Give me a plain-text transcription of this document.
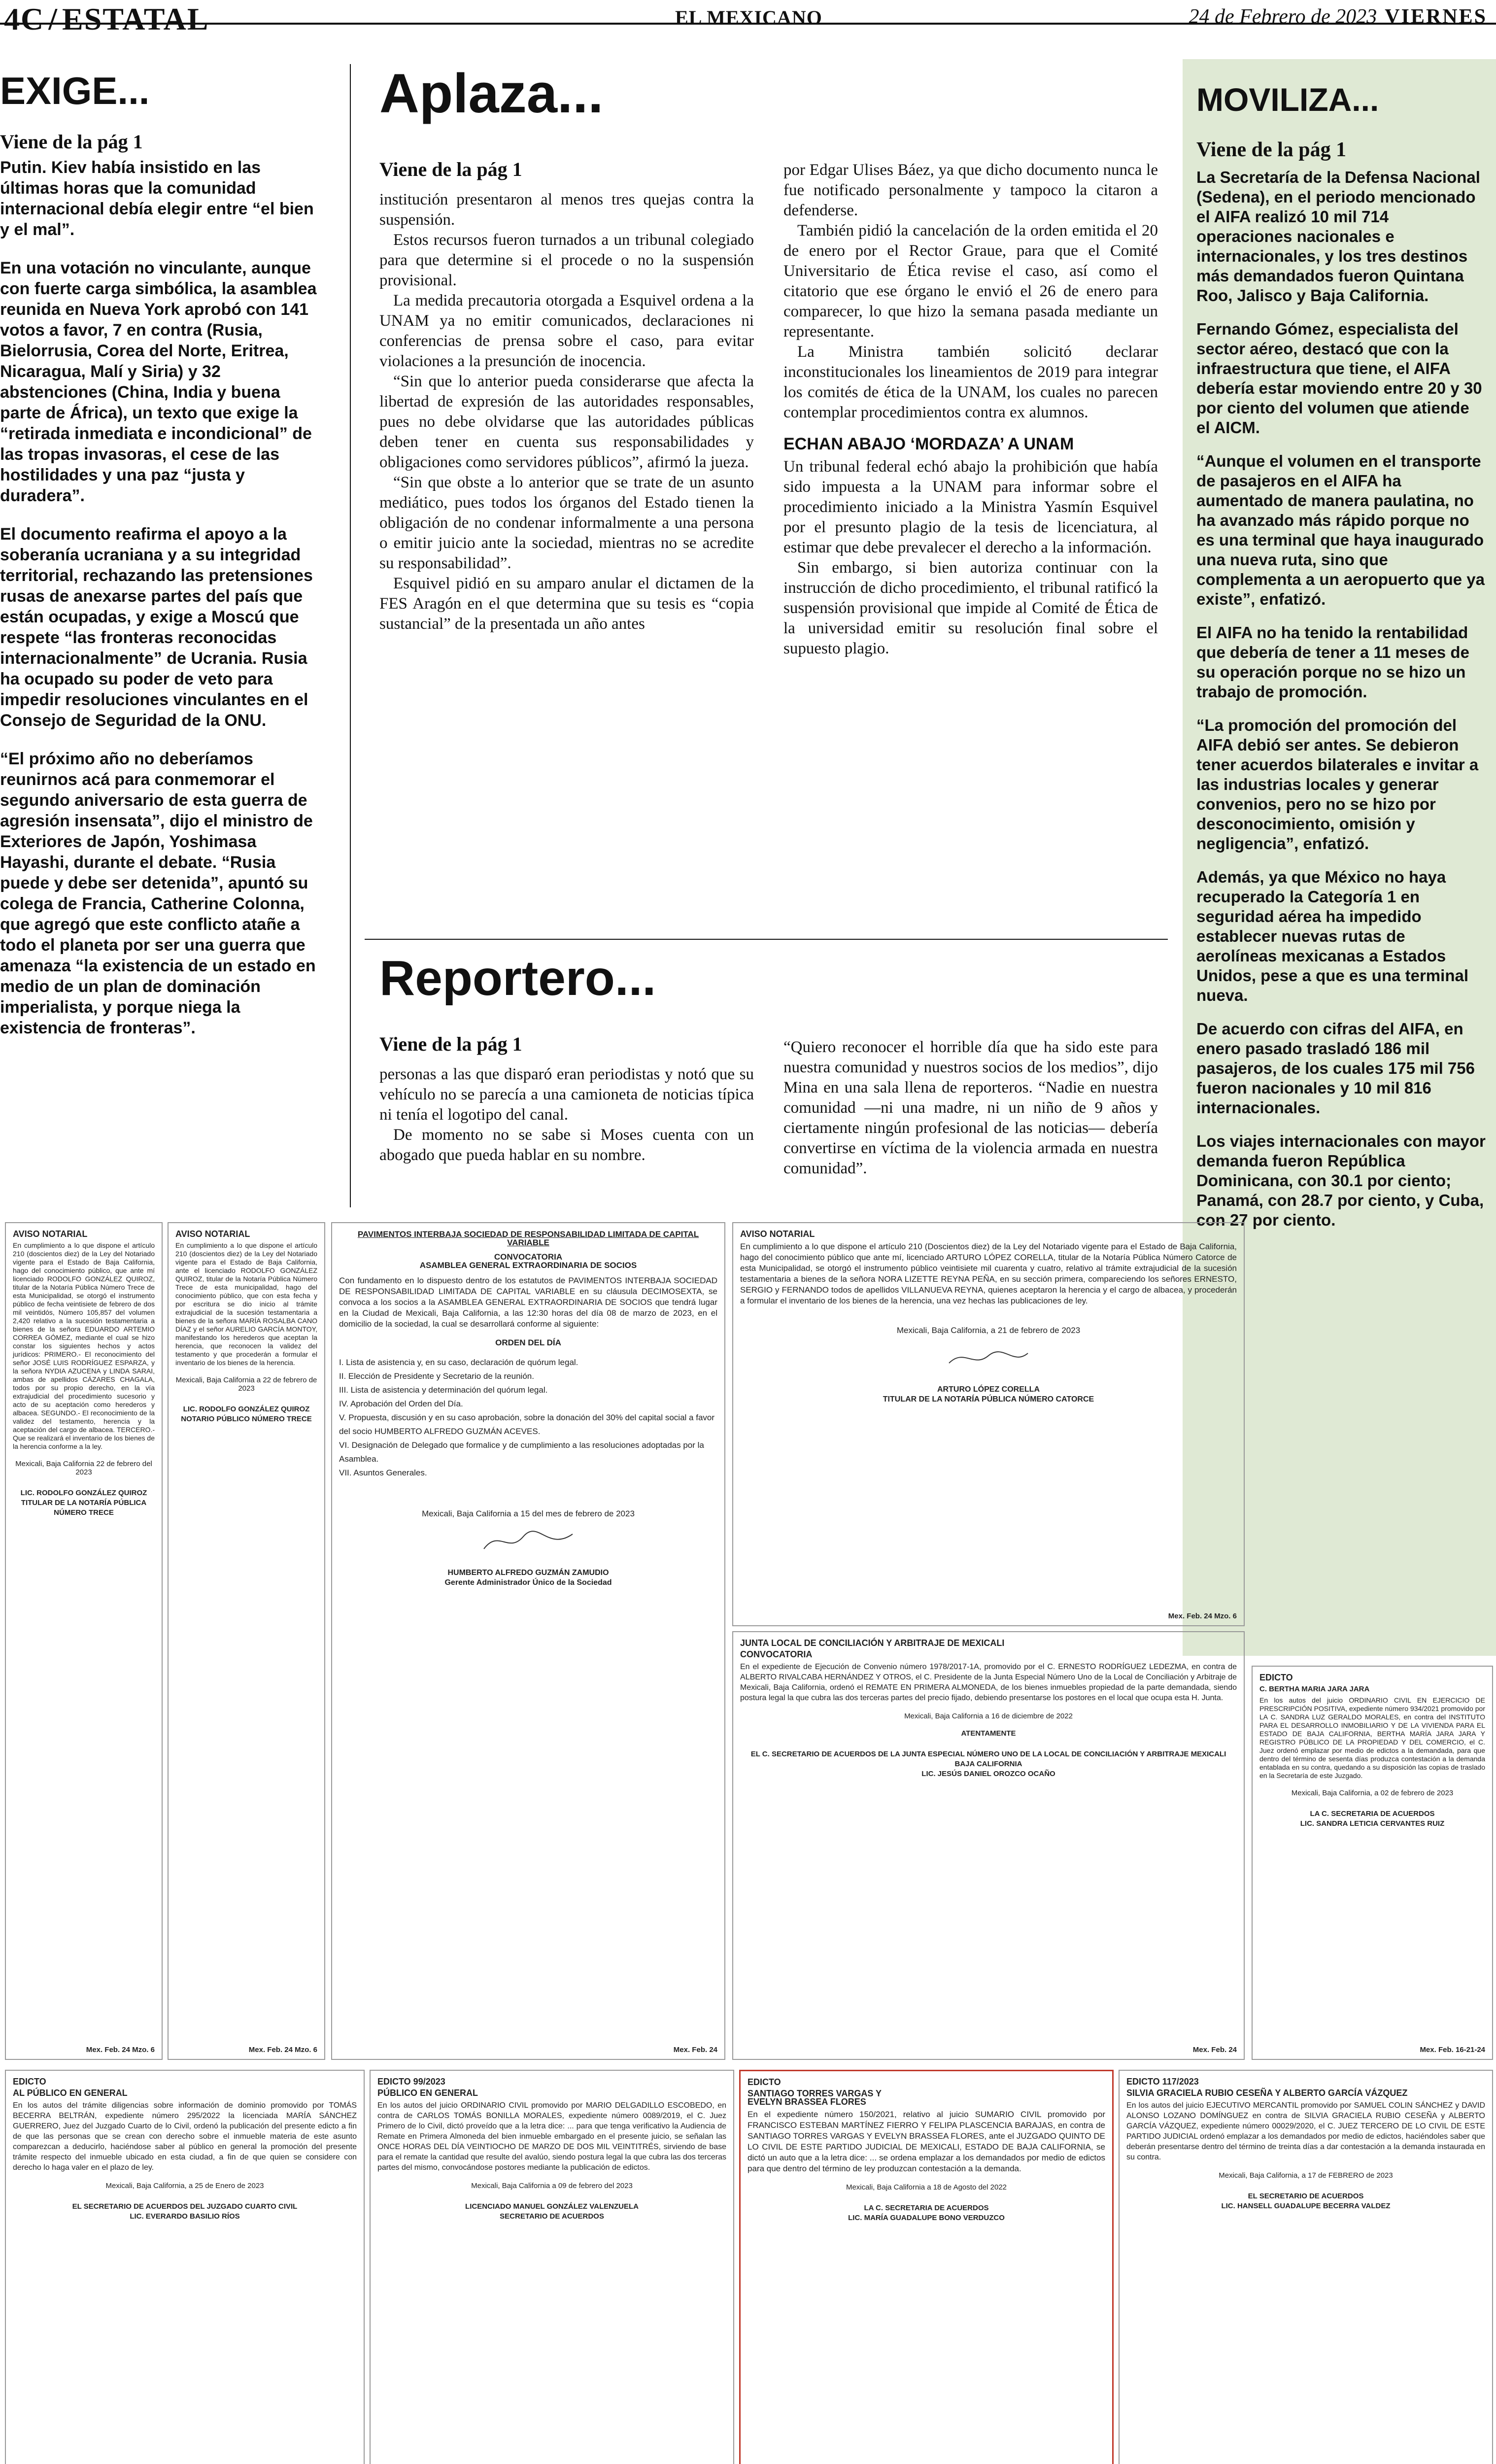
4C / ESTATAL	EL MEXICANO	24 de Febrero de 2023 VIERNES
EXIGE...
Viene de la pág 1
Putin. Kiev había insistido en las últimas horas que la comunidad internacional debía elegir entre “el bien y el mal”.
En una votación no vinculante, aunque con fuerte carga simbólica, la asamblea reunida en Nueva York aprobó con 141 votos a favor, 7 en contra (Rusia, Bielorrusia, Corea del Norte, Eritrea, Nicaragua, Malí y Siria) y 32 abstenciones (China, India y buena parte de África), un texto que exige la “retirada inmediata e incondicional” de las tropas invasoras, el cese de las hostilidades y una paz “justa y duradera”.
El documento reafirma el apoyo a la soberanía ucraniana y a su integridad territorial, rechazando las pretensiones rusas de anexarse partes del país que están ocupadas, y exige a Moscú que respete “las fronteras reconocidas internacionalmente” de Ucrania. Rusia ha ocupado su poder de veto para impedir resoluciones vinculantes en el Consejo de Seguridad de la ONU.
“El próximo año no deberíamos reunirnos acá para conmemorar el segundo aniversario de esta guerra de agresión insensata”, dijo el ministro de Exteriores de Japón, Yoshimasa Hayashi, durante el debate. “Rusia puede y debe ser detenida”, apuntó su colega de Francia, Catherine Colonna, que agregó que este conflicto atañe a todo el planeta por ser una guerra que amenaza “la existencia de un estado en medio de un plan de dominación imperialista, y porque niega la existencia de fronteras”.
Aplaza...
Viene de la pág 1

institución presentaron al menos tres quejas contra la suspensión.

Estos recursos fueron turnados a un tribunal colegiado para que determine si el procede o no la suspensión provisional.

La medida precautoria otorgada a Esquivel ordena a la UNAM ya no emitir comunicados, declaraciones ni conferencias de prensa sobre el caso, para evitar violaciones a la presunción de inocencia.

“Sin que lo anterior pueda considerarse que afecta la libertad de expresión de las autoridades responsables, pues no debe olvidarse que las autoridades públicas deben tener en cuenta sus responsabilidades y obligaciones como servidores públicos”, afirmó la jueza.

“Sin que obste a lo anterior que se trate de un asunto mediático, pues todos los órganos del Estado tienen la obligación de no condenar informalmente a una persona o emitir juicio ante la sociedad, mientras no se acredite su responsabilidad”.

Esquivel pidió en su amparo anular el dictamen de la FES Aragón en el que determina que su tesis es “copia sustancial” de la presentada un año antes

por Edgar Ulises Báez, ya que dicho documento nunca le fue notificado personalmente y tampoco la citaron a defenderse.

También pidió la cancelación de la orden emitida el 20 de enero por el Rector Graue, para que el Comité Universitario de Ética revise el caso, así como el citatorio que ese órgano le envió el 26 de enero para comparecer, lo que hizo la semana pasada mediante un representante.

La Ministra también solicitó declarar inconstitucionales los lineamientos de 2019 para integrar los comités de ética de la UNAM, los cuales no parecen contemplar procedimientos contra ex alumnos.

ECHAN ABAJO ‘MORDAZA’ A UNAM

Un tribunal federal echó abajo la prohibición que había sido impuesta a la UNAM para informar sobre el procedimiento iniciado a la Ministra Yasmín Esquivel por el presunto plagio de la tesis de licenciatura, al estimar que debe prevalecer el derecho a la información.

Sin embargo, si bien autoriza continuar con la instrucción de dicho procedimiento, el tribunal ratificó la suspensión provisional que impide al Comité de Ética de la universidad emitir su resolución final sobre el supuesto plagio.

Reportero...
Viene de la pág 1

personas a las que disparó eran periodistas y notó que su vehículo no se parecía a una camioneta de noticias típica ni tenía el logotipo del canal.

De momento no se sabe si Moses cuenta con un abogado que pueda hablar en su nombre.

“Quiero reconocer el horrible día que ha sido este para nuestra comunidad y nuestros socios de los medios”, dijo Mina en una sala llena de reporteros. “Nadie en nuestra comunidad —ni una madre, ni un niño de 9 años y ciertamente ningún profesional de las noticias— debería convertirse en víctima de la violencia armada en nuestra comunidad”.

MOVILIZA...
Viene de la pág 1
La Secretaría de la Defensa Nacional (Sedena), en el periodo mencionado el AIFA realizó 10 mil 714 operaciones nacionales e internacionales, y los tres destinos más demandados fueron Quintana Roo, Jalisco y Baja California.
Fernando Gómez, especialista del sector aéreo, destacó que con la infraestructura que tiene, el AIFA debería estar moviendo entre 20 y 30 por ciento del volumen que atiende el AICM.
“Aunque el volumen en el transporte de pasajeros en el AIFA ha aumentado de manera paulatina, no ha avanzado más rápido porque no es una terminal que haya inaugurado una nueva ruta, sino que complementa a un aeropuerto que ya existe”, enfatizó.
El AIFA no ha tenido la rentabilidad que debería de tener a 11 meses de su operación porque no se hizo un trabajo de promoción.
“La promoción del promoción del AIFA debió ser antes. Se debieron tener acuerdos bilaterales e invitar a las industrias locales y generar convenios, pero no se hizo por desconocimiento, omisión y negligencia”, enfatizó.
Además, ya que México no haya recuperado la Categoría 1 en seguridad aérea ha impedido establecer nuevas rutas de aerolíneas mexicanas a Estados Unidos, pese a que es una terminal nueva.
De acuerdo con cifras del AIFA, en enero pasado trasladó 186 mil pasajeros, de los cuales 175 mil 756 fueron nacionales y 10 mil 816 internacionales.
Los viajes internacionales con mayor demanda fueron República Dominicana, con 30.1 por ciento; Panamá, con 28.7 por ciento, y Cuba, con 27 por ciento.
AVISO NOTARIAL
En cumplimiento a lo que dispone el artículo 210 (doscientos diez) de la Ley del Notariado vigente para el Estado de Baja California, hago del conocimiento público, que ante mí licenciado RODOLFO GONZÁLEZ QUIROZ, titular de la Notaría Pública Número Trece de esta Municipalidad, se otorgó el instrumento público de fecha veintisiete de febrero de dos mil veintidós, Número 105,857 del volumen 2,420 relativo a la sucesión testamentaria a bienes de la señora EDUARDO ARTEMIO CORREA GÓMEZ, mediante el cual se hizo constar los siguientes hechos y actos jurídicos: PRIMERO.- El reconocimiento del señor JOSÉ LUIS RODRÍGUEZ ESPARZA, y la señora NYDIA AZUCENA y LINDA SARAI, ambas de apellidos CÁZARES CHAGALA, todos por su propio derecho, en la vía extrajudicial del procedimiento sucesorio y acto de su aceptación como herederos y albacea. SEGUNDO.- El reconocimiento de la validez del testamento, herencia y la aceptación del cargo de albacea. TERCERO.- Que se realizará el inventario de los bienes de la herencia conforme a la ley.
Mexicali, Baja California 22 de febrero del 2023
LIC. RODOLFO GONZÁLEZ QUIROZ
TITULAR DE LA NOTARÍA PÚBLICA NÚMERO TRECE
Mex. Feb. 24 Mzo. 6
AVISO NOTARIAL
En cumplimiento a lo que dispone el artículo 210 (doscientos diez) de la Ley del Notariado vigente para el Estado de Baja California, ante el licenciado RODOLFO GONZÁLEZ QUIROZ, titular de la Notaría Pública Número Trece de esta municipalidad, hago del conocimiento público, que con esta fecha y por escritura se dio inicio al trámite extrajudicial de la sucesión testamentaria a bienes de la señora MARÍA ROSALBA CANO DÍAZ y el señor AURELIO GARCÍA MONTOY, manifestando los herederos que aceptan la herencia, que reconocen la validez del testamento y que procederán a formular el inventario de los bienes de la herencia.
Mexicali, Baja California a 22 de febrero de 2023
LIC. RODOLFO GONZÁLEZ QUIROZ
NOTARIO PÚBLICO NÚMERO TRECE
Mex. Feb. 24 Mzo. 6
PAVIMENTOS INTERBAJA SOCIEDAD DE RESPONSABILIDAD LIMITADA DE CAPITAL VARIABLE
CONVOCATORIA
ASAMBLEA GENERAL EXTRAORDINARIA DE SOCIOS
Con fundamento en lo dispuesto dentro de los estatutos de PAVIMENTOS INTERBAJA SOCIEDAD DE RESPONSABILIDAD LIMITADA DE CAPITAL VARIABLE en su cláusula DECIMOSEXTA, se convoca a los socios a la ASAMBLEA GENERAL EXTRAORDINARIA DE SOCIOS que tendrá lugar en la Ciudad de Mexicali, Baja California, a las 12:30 horas del día 08 de marzo de 2023, en el domicilio de la sociedad, la cual se desarrollará conforme al siguiente:
ORDEN DEL DÍA
I. Lista de asistencia y, en su caso, declaración de quórum legal.
II. Elección de Presidente y Secretario de la reunión.
III. Lista de asistencia y determinación del quórum legal.
IV. Aprobación del Orden del Día.
V. Propuesta, discusión y en su caso aprobación, sobre la donación del 30% del capital social a favor del socio HUMBERTO ALFREDO GUZMÁN ACEVES.
VI. Designación de Delegado que formalice y de cumplimiento a las resoluciones adoptadas por la Asamblea.
VII. Asuntos Generales.
Mexicali, Baja California a 15 del mes de febrero de 2023
HUMBERTO ALFREDO GUZMÁN ZAMUDIO
Gerente Administrador Único de la Sociedad
Mex. Feb. 24
AVISO NOTARIAL
En cumplimiento a lo que dispone el artículo 210 (Doscientos diez) de la Ley del Notariado vigente para el Estado de Baja California, hago del conocimiento público que ante mí, licenciado ARTURO LÓPEZ CORELLA, titular de la Notaría Pública Número Catorce de esta Municipalidad, se otorgó el instrumento público veintisiete mil cuarenta y cuatro, relativo al trámite extrajudicial de la sucesión testamentaria a bienes de la señora NORA LIZETTE REYNA PEÑA, en su sección primera, compareciendo los señores ERNESTO, SERGIO y FERNANDO todos de apellidos VILLANUEVA REYNA, quienes aceptaron la herencia y el cargo de albacea, y procederán a formular el inventario de los bienes de la herencia, una vez hechas las publicaciones de ley.
Mexicali, Baja California, a 21 de febrero de 2023
ARTURO LÓPEZ CORELLA
TITULAR DE LA NOTARÍA PÚBLICA NÚMERO CATORCE
Mex. Feb. 24 Mzo. 6
JUNTA LOCAL DE CONCILIACIÓN Y ARBITRAJE DE MEXICALI
CONVOCATORIA
En el expediente de Ejecución de Convenio número 1978/2017-1A, promovido por el C. ERNESTO RODRÍGUEZ LEDEZMA, en contra de ALBERTO RIVALCABA HERNÁNDEZ Y OTROS, el C. Presidente de la Junta Especial Número Uno de la Local de Conciliación y Arbitraje de Mexicali, Baja California, ordenó el REMATE EN PRIMERA ALMONEDA, de los bienes inmuebles propiedad de la parte demandada, siendo postura legal la que cubra las dos terceras partes del precio fijado, debiendo presentarse los postores en el local que ocupa esta H. Junta.
Mexicali, Baja California a 16 de diciembre de 2022
ATENTAMENTE
EL C. SECRETARIO DE ACUERDOS DE LA JUNTA ESPECIAL NÚMERO UNO DE LA LOCAL DE CONCILIACIÓN Y ARBITRAJE MEXICALI BAJA CALIFORNIA
LIC. JESÚS DANIEL OROZCO OCAÑO
Mex. Feb. 24
EDICTO
C. BERTHA MARIA JARA JARA
En los autos del juicio ORDINARIO CIVIL EN EJERCICIO DE PRESCRIPCIÓN POSITIVA, expediente número 934/2021 promovido por LA C. SANDRA LUZ GERALDO MORALES, en contra del INSTITUTO PARA EL DESARROLLO INMOBILIARIO Y DE LA VIVIENDA PARA EL ESTADO DE BAJA CALIFORNIA, BERTHA MARÍA JARA JARA Y REGISTRO PÚBLICO DE LA PROPIEDAD Y DEL COMERCIO, el C. Juez ordenó emplazar por medio de edictos a la demandada, para que dentro del término de sesenta días produzca contestación a la demanda entablada en su contra, quedando a su disposición las copias de traslado en la Secretaría de este Juzgado.
Mexicali, Baja California, a 02 de febrero de 2023
LA C. SECRETARIA DE ACUERDOS
LIC. SANDRA LETICIA CERVANTES RUIZ
Mex. Feb. 16-21-24
EDICTO
AL PÚBLICO EN GENERAL
En los autos del trámite diligencias sobre información de dominio promovido por TOMÁS BECERRA BELTRÁN, expediente número 295/2022 la licenciada MARÍA SÁNCHEZ GUERRERO, Juez del Juzgado Cuarto de lo Civil, ordenó la publicación del presente edicto a fin de que las personas que se crean con derecho sobre el inmueble materia de este asunto comparezcan a deducirlo, haciéndose saber al público en general la promoción del presente trámite respecto del inmueble ubicado en esta ciudad, a fin de que quien se considere con derecho lo haga valer en el plazo de ley.
Mexicali, Baja California, a 25 de Enero de 2023
EL SECRETARIO DE ACUERDOS DEL JUZGADO CUARTO CIVIL
LIC. EVERARDO BASILIO RÍOS
EDICTO 99/2023
PÚBLICO EN GENERAL
En los autos del juicio ORDINARIO CIVIL promovido por MARIO DELGADILLO ESCOBEDO, en contra de CARLOS TOMÁS BONILLA MORALES, expediente número 0089/2019, el C. Juez Primero de lo Civil, dictó proveído que a la letra dice: ... para que tenga verificativo la Audiencia de Remate en Primera Almoneda del bien inmueble embargado en el presente juicio, se señalan las ONCE HORAS DEL DÍA VEINTIOCHO DE MARZO DE DOS MIL VEINTITRÉS, sirviendo de base para el remate la cantidad que resulte del avalúo, siendo postura legal la que cubra las dos terceras partes del mismo, convocándose postores mediante la publicación de edictos.
Mexicali, Baja California a 09 de febrero del 2023
LICENCIADO MANUEL GONZÁLEZ VALENZUELA
SECRETARIO DE ACUERDOS
EDICTO
SANTIAGO TORRES VARGAS Y
EVELYN BRASSEA FLORES
En el expediente número 150/2021, relativo al juicio SUMARIO CIVIL promovido por FRANCISCO ESTEBAN MARTÍNEZ FIERRO Y FELIPA PLASCENCIA BARAJAS, en contra de SANTIAGO TORRES VARGAS Y EVELYN BRASSEA FLORES, ante el JUZGADO QUINTO DE LO CIVIL DE ESTE PARTIDO JUDICIAL DE MEXICALI, ESTADO DE BAJA CALIFORNIA, se dictó un auto que a la letra dice: ... se ordena emplazar a los demandados por medio de edictos para que dentro del término de ley produzcan contestación a la demanda.
Mexicali, Baja California a 18 de Agosto del 2022
LA C. SECRETARIA DE ACUERDOS
LIC. MARÍA GUADALUPE BONO VERDUZCO
EDICTO 117/2023
SILVIA GRACIELA RUBIO CESEÑA Y ALBERTO GARCÍA VÁZQUEZ
En los autos del juicio EJECUTIVO MERCANTIL promovido por SAMUEL COLIN SÁNCHEZ y DAVID ALONSO LOZANO DOMÍNGUEZ en contra de SILVIA GRACIELA RUBIO CESEÑA y ALBERTO GARCÍA VÁZQUEZ, expediente número 00029/2020, el C. JUEZ TERCERO DE LO CIVIL DE ESTE PARTIDO JUDICIAL ordenó emplazar a los demandados por medio de edictos, haciéndoles saber que deberán presentarse dentro del término de treinta días a dar contestación a la demanda instaurada en su contra.
Mexicali, Baja California, a 17 de FEBRERO de 2023
EL SECRETARIO DE ACUERDOS
LIC. HANSELL GUADALUPE BECERRA VALDEZ
